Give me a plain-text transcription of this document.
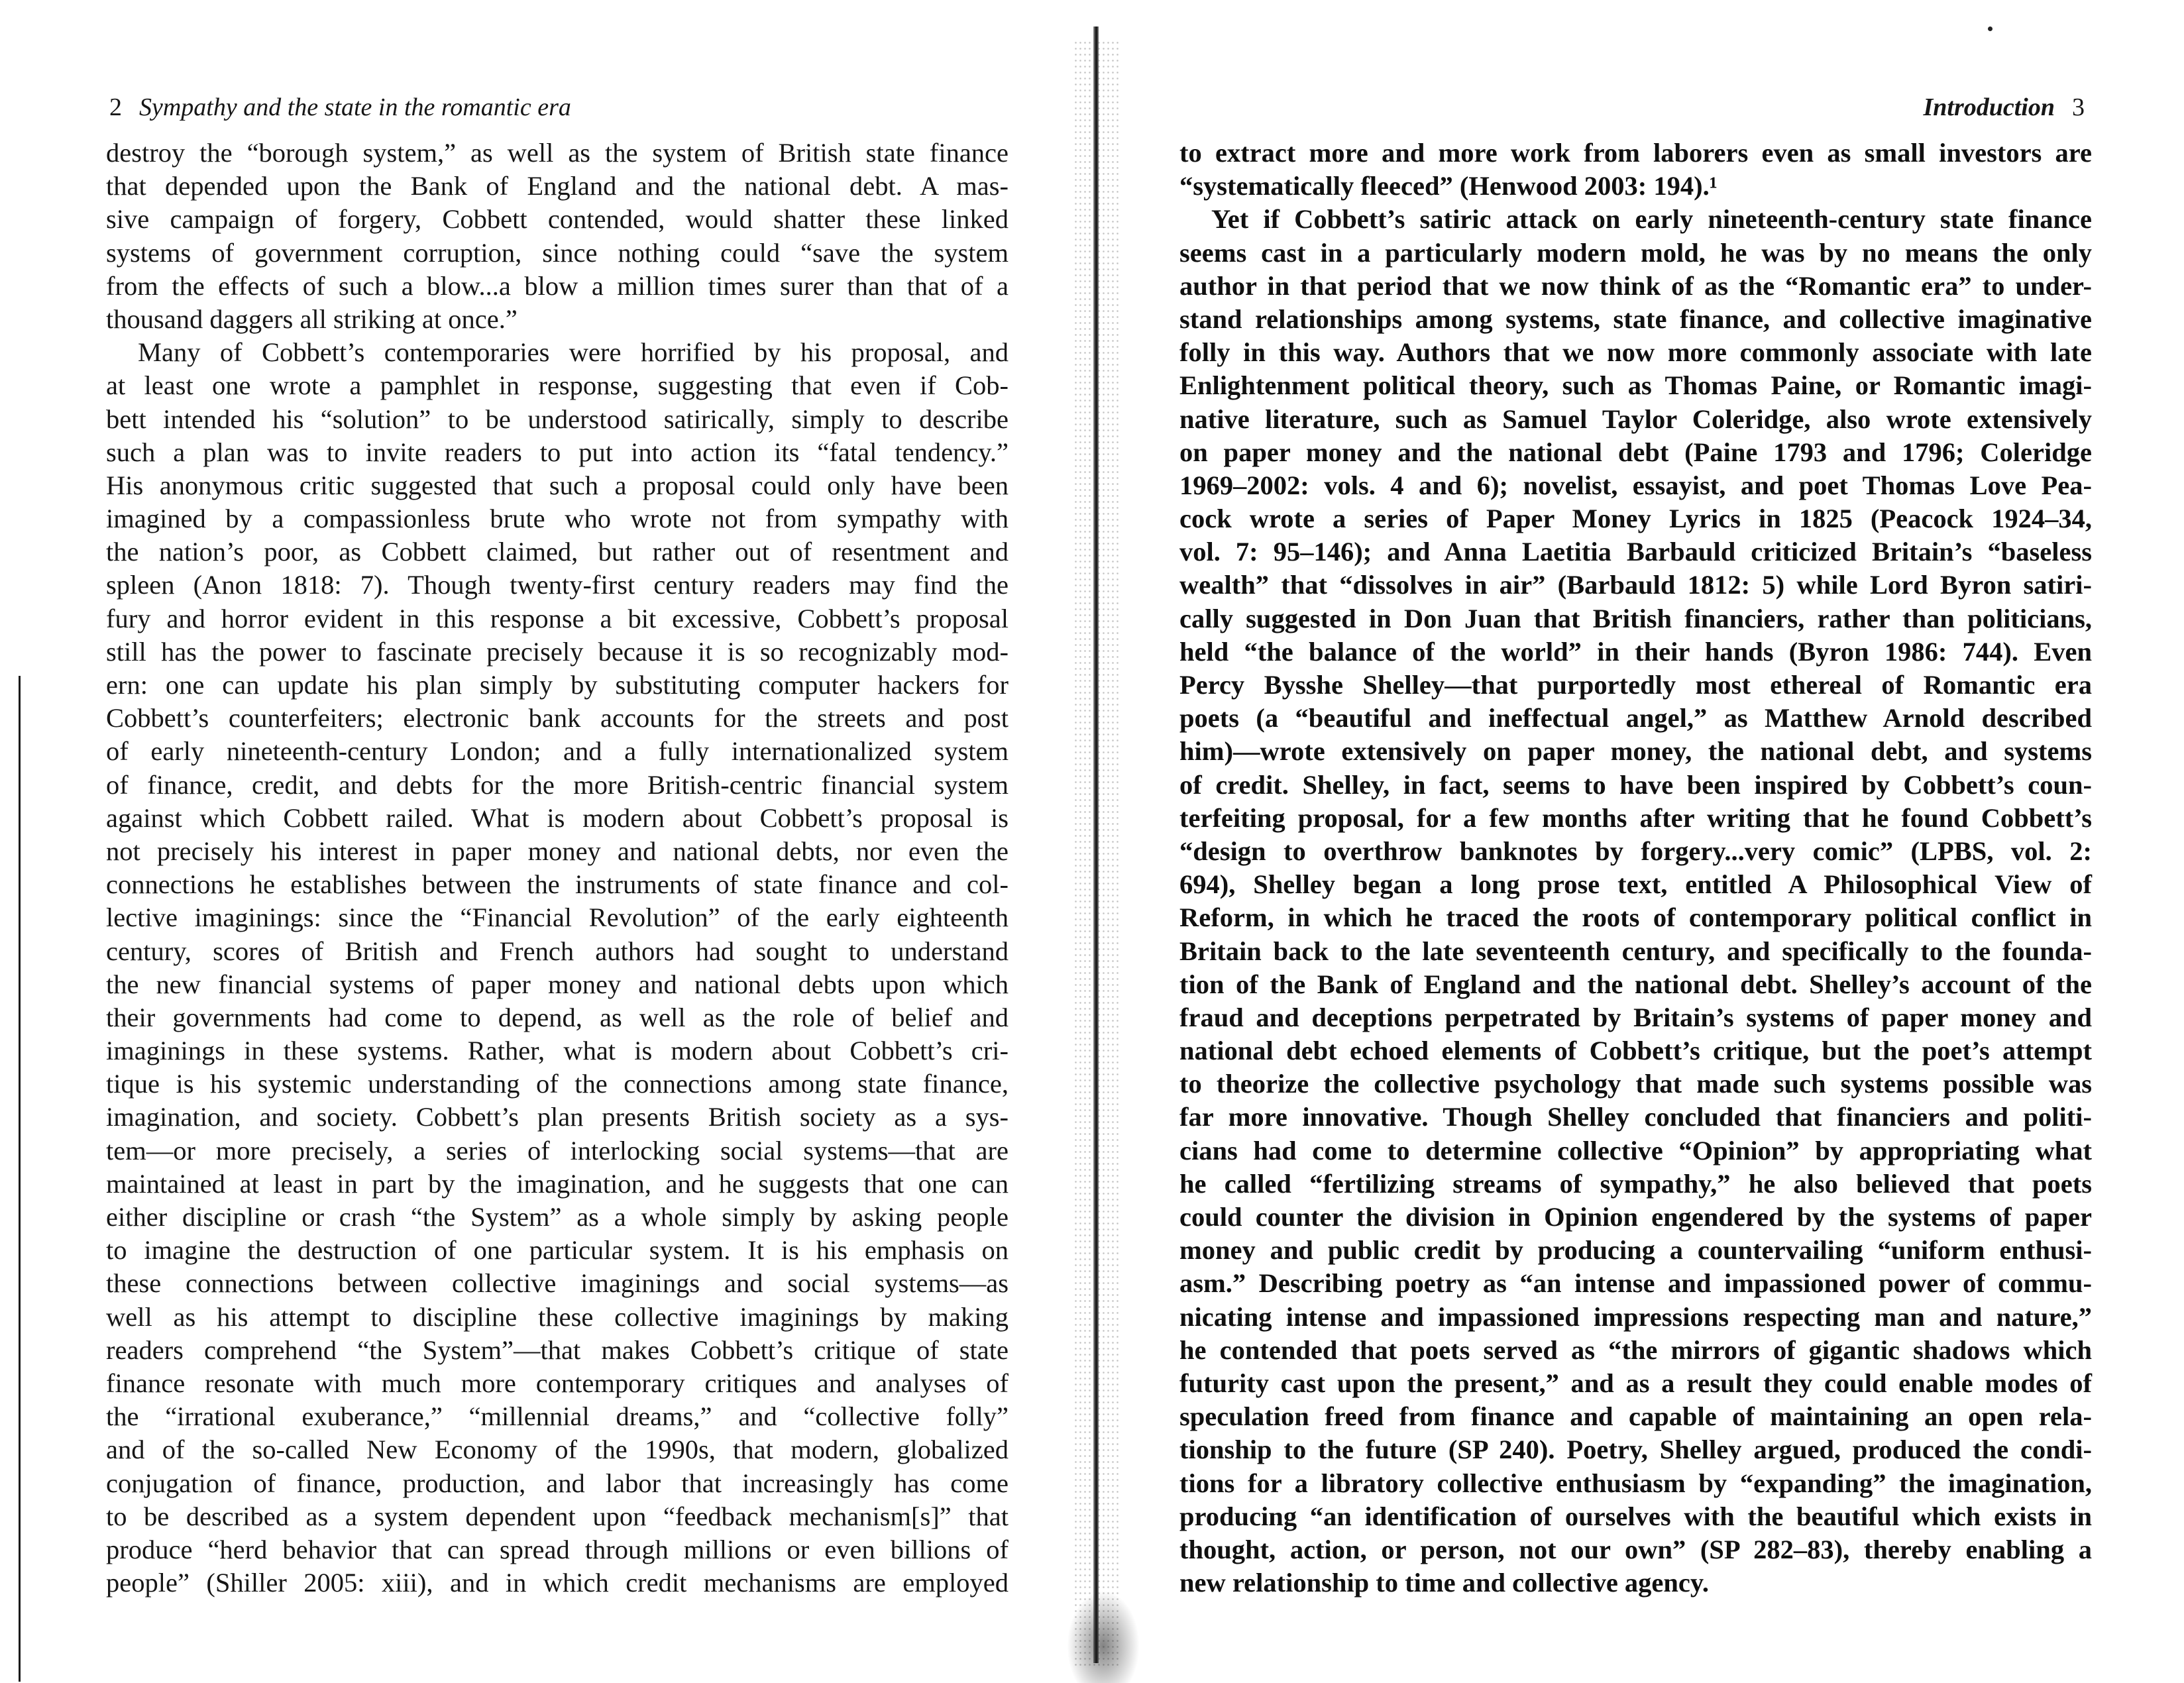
2 Sympathy and the state in the romantic era
destroy the “borough system,” as well as the system of British state finance
that depended upon the Bank of England and the national debt. A mas-
sive campaign of forgery, Cobbett contended, would shatter these linked
systems of government corruption, since nothing could “save the system
from the effects of such a blow...a blow a million times surer than that of a
thousand daggers all striking at once.”
Many of Cobbett’s contemporaries were horrified by his proposal, and
at least one wrote a pamphlet in response, suggesting that even if Cob-
bett intended his “solution” to be understood satirically, simply to describe
such a plan was to invite readers to put into action its “fatal tendency.”
His anonymous critic suggested that such a proposal could only have been
imagined by a compassionless brute who wrote not from sympathy with
the nation’s poor, as Cobbett claimed, but rather out of resentment and
spleen (Anon 1818: 7). Though twenty-first century readers may find the
fury and horror evident in this response a bit excessive, Cobbett’s proposal
still has the power to fascinate precisely because it is so recognizably mod-
ern: one can update his plan simply by substituting computer hackers for
Cobbett’s counterfeiters; electronic bank accounts for the streets and post
of early nineteenth-century London; and a fully internationalized system
of finance, credit, and debts for the more British-centric financial system
against which Cobbett railed. What is modern about Cobbett’s proposal is
not precisely his interest in paper money and national debts, nor even the
connections he establishes between the instruments of state finance and col-
lective imaginings: since the “Financial Revolution” of the early eighteenth
century, scores of British and French authors had sought to understand
the new financial systems of paper money and national debts upon which
their governments had come to depend, as well as the role of belief and
imaginings in these systems. Rather, what is modern about Cobbett’s cri-
tique is his systemic understanding of the connections among state finance,
imagination, and society. Cobbett’s plan presents British society as a sys-
tem—or more precisely, a series of interlocking social systems—that are
maintained at least in part by the imagination, and he suggests that one can
either discipline or crash “the System” as a whole simply by asking people
to imagine the destruction of one particular system. It is his emphasis on
these connections between collective imaginings and social systems—as
well as his attempt to discipline these collective imaginings by making
readers comprehend “the System”—that makes Cobbett’s critique of state
finance resonate with much more contemporary critiques and analyses of
the “irrational exuberance,” “millennial dreams,” and “collective folly”
and of the so-called New Economy of the 1990s, that modern, globalized
conjugation of finance, production, and labor that increasingly has come
to be described as a system dependent upon “feedback mechanism[s]” that
produce “herd behavior that can spread through millions or even billions of
people” (Shiller 2005: xiii), and in which credit mechanisms are employed
Introduction 3
to extract more and more work from laborers even as small investors are
“systematically fleeced” (Henwood 2003: 194).¹
Yet if Cobbett’s satiric attack on early nineteenth-century state finance
seems cast in a particularly modern mold, he was by no means the only
author in that period that we now think of as the “Romantic era” to under-
stand relationships among systems, state finance, and collective imaginative
folly in this way. Authors that we now more commonly associate with late
Enlightenment political theory, such as Thomas Paine, or Romantic imagi-
native literature, such as Samuel Taylor Coleridge, also wrote extensively
on paper money and the national debt (Paine 1793 and 1796; Coleridge
1969–2002: vols. 4 and 6); novelist, essayist, and poet Thomas Love Pea-
cock wrote a series of Paper Money Lyrics in 1825 (Peacock 1924–34,
vol. 7: 95–146); and Anna Laetitia Barbauld criticized Britain’s “baseless
wealth” that “dissolves in air” (Barbauld 1812: 5) while Lord Byron satiri-
cally suggested in Don Juan that British financiers, rather than politicians,
held “the balance of the world” in their hands (Byron 1986: 744). Even
Percy Bysshe Shelley—that purportedly most ethereal of Romantic era
poets (a “beautiful and ineffectual angel,” as Matthew Arnold described
him)—wrote extensively on paper money, the national debt, and systems
of credit. Shelley, in fact, seems to have been inspired by Cobbett’s coun-
terfeiting proposal, for a few months after writing that he found Cobbett’s
“design to overthrow banknotes by forgery...very comic” (LPBS, vol. 2:
694), Shelley began a long prose text, entitled A Philosophical View of
Reform, in which he traced the roots of contemporary political conflict in
Britain back to the late seventeenth century, and specifically to the founda-
tion of the Bank of England and the national debt. Shelley’s account of the
fraud and deceptions perpetrated by Britain’s systems of paper money and
national debt echoed elements of Cobbett’s critique, but the poet’s attempt
to theorize the collective psychology that made such systems possible was
far more innovative. Though Shelley concluded that financiers and politi-
cians had come to determine collective “Opinion” by appropriating what
he called “fertilizing streams of sympathy,” he also believed that poets
could counter the division in Opinion engendered by the systems of paper
money and public credit by producing a countervailing “uniform enthusi-
asm.” Describing poetry as “an intense and impassioned power of commu-
nicating intense and impassioned impressions respecting man and nature,”
he contended that poets served as “the mirrors of gigantic shadows which
futurity cast upon the present,” and as a result they could enable modes of
speculation freed from finance and capable of maintaining an open rela-
tionship to the future (SP 240). Poetry, Shelley argued, produced the condi-
tions for a libratory collective enthusiasm by “expanding” the imagination,
producing “an identification of ourselves with the beautiful which exists in
thought, action, or person, not our own” (SP 282–83), thereby enabling a
new relationship to time and collective agency.
